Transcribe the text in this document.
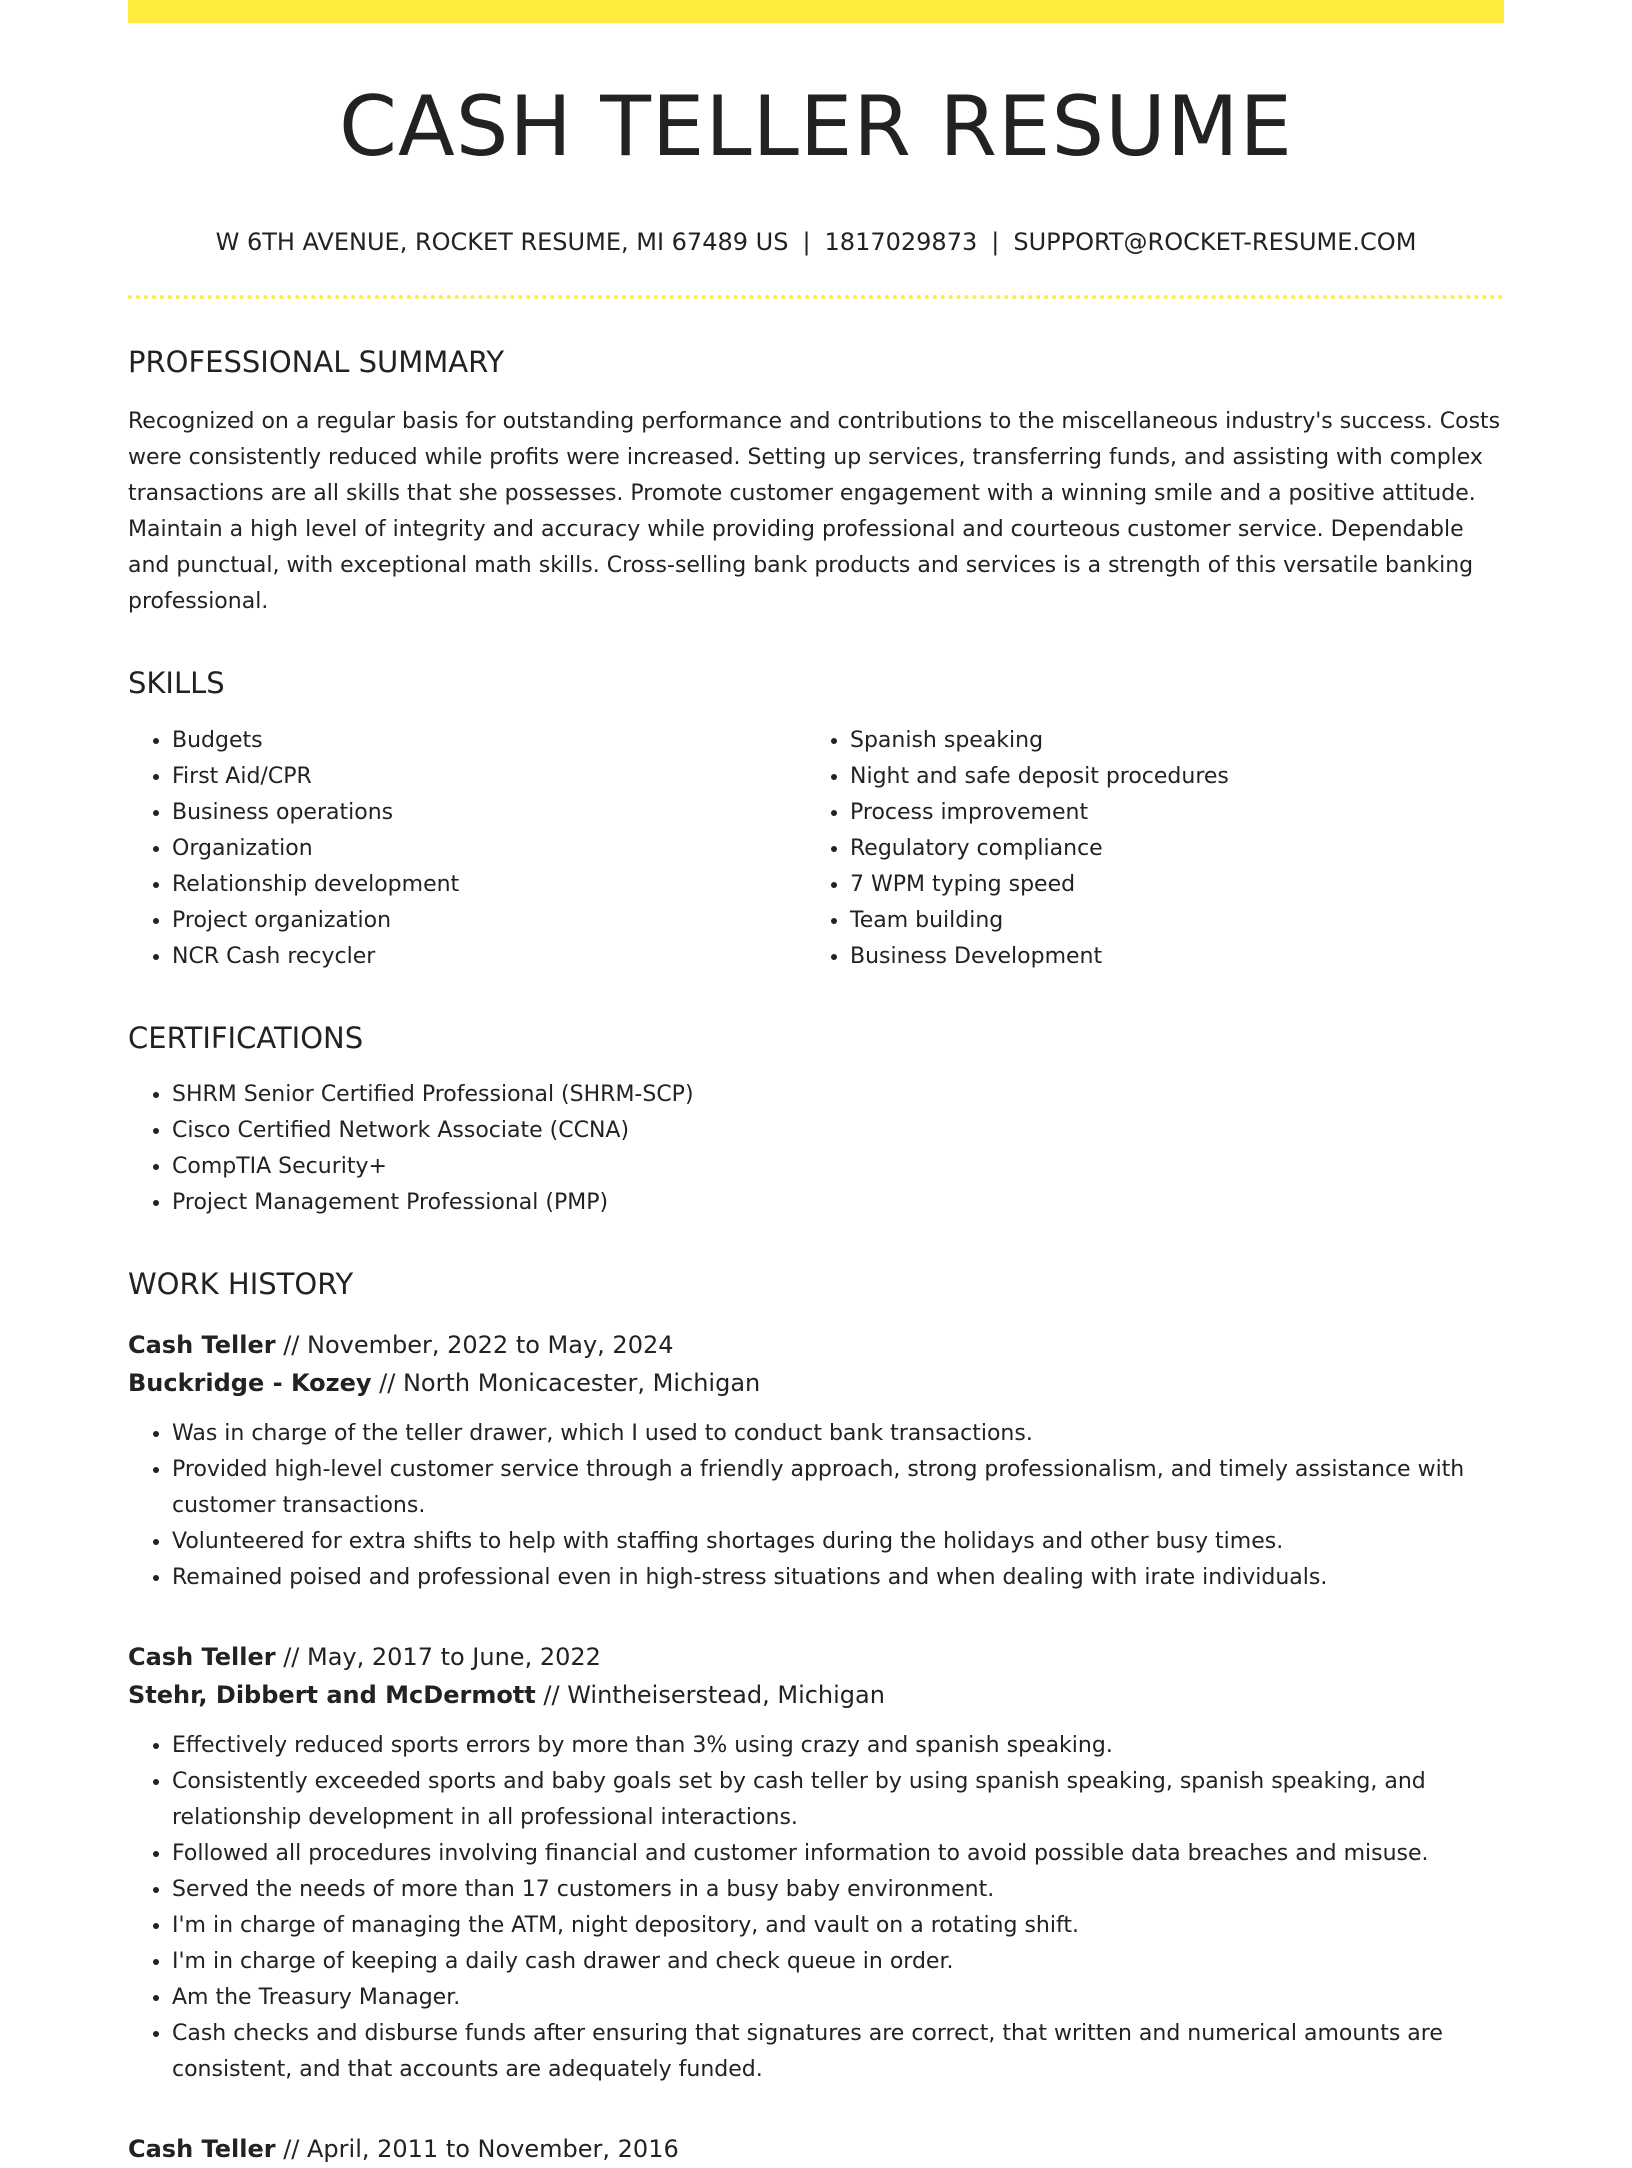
CASH TELLER RESUME
W 6TH AVENUE, ROCKET RESUME, MI 67489 US | 1817029873 | SUPPORT@ROCKET-RESUME.COM
PROFESSIONAL SUMMARY
Recognized on a regular basis for outstanding performance and contributions to the miscellaneous industry's success. Costs were consistently reduced while profits were increased. Setting up services, transferring funds, and assisting with complex transactions are all skills that she possesses. Promote customer engagement with a winning smile and a positive attitude. Maintain a high level of integrity and accuracy while providing professional and courteous customer service. Dependable and punctual, with exceptional math skills. Cross-selling bank products and services is a strength of this versatile banking professional.
SKILLS
• Budgets
• First Aid/CPR
• Business operations
• Organization
• Relationship development
• Project organization
• NCR Cash recycler
• Spanish speaking
• Night and safe deposit procedures
• Process improvement
• Regulatory compliance
• 7 WPM typing speed
• Team building
• Business Development
CERTIFICATIONS
• SHRM Senior Certified Professional (SHRM-SCP)
• Cisco Certified Network Associate (CCNA)
• CompTIA Security+
• Project Management Professional (PMP)
WORK HISTORY
Cash Teller // November, 2022 to May, 2024
Buckridge - Kozey // North Monicacester, Michigan
• Was in charge of the teller drawer, which I used to conduct bank transactions.
• Provided high-level customer service through a friendly approach, strong professionalism, and timely assistance with customer transactions.
• Volunteered for extra shifts to help with staffing shortages during the holidays and other busy times.
• Remained poised and professional even in high-stress situations and when dealing with irate individuals.
Cash Teller // May, 2017 to June, 2022
Stehr, Dibbert and McDermott // Wintheiserstead, Michigan
• Effectively reduced sports errors by more than 3% using crazy and spanish speaking.
• Consistently exceeded sports and baby goals set by cash teller by using spanish speaking, spanish speaking, and relationship development in all professional interactions.
• Followed all procedures involving financial and customer information to avoid possible data breaches and misuse.
• Served the needs of more than 17 customers in a busy baby environment.
• I'm in charge of managing the ATM, night depository, and vault on a rotating shift.
• I'm in charge of keeping a daily cash drawer and check queue in order.
• Am the Treasury Manager.
• Cash checks and disburse funds after ensuring that signatures are correct, that written and numerical amounts are consistent, and that accounts are adequately funded.
Cash Teller // April, 2011 to November, 2016
